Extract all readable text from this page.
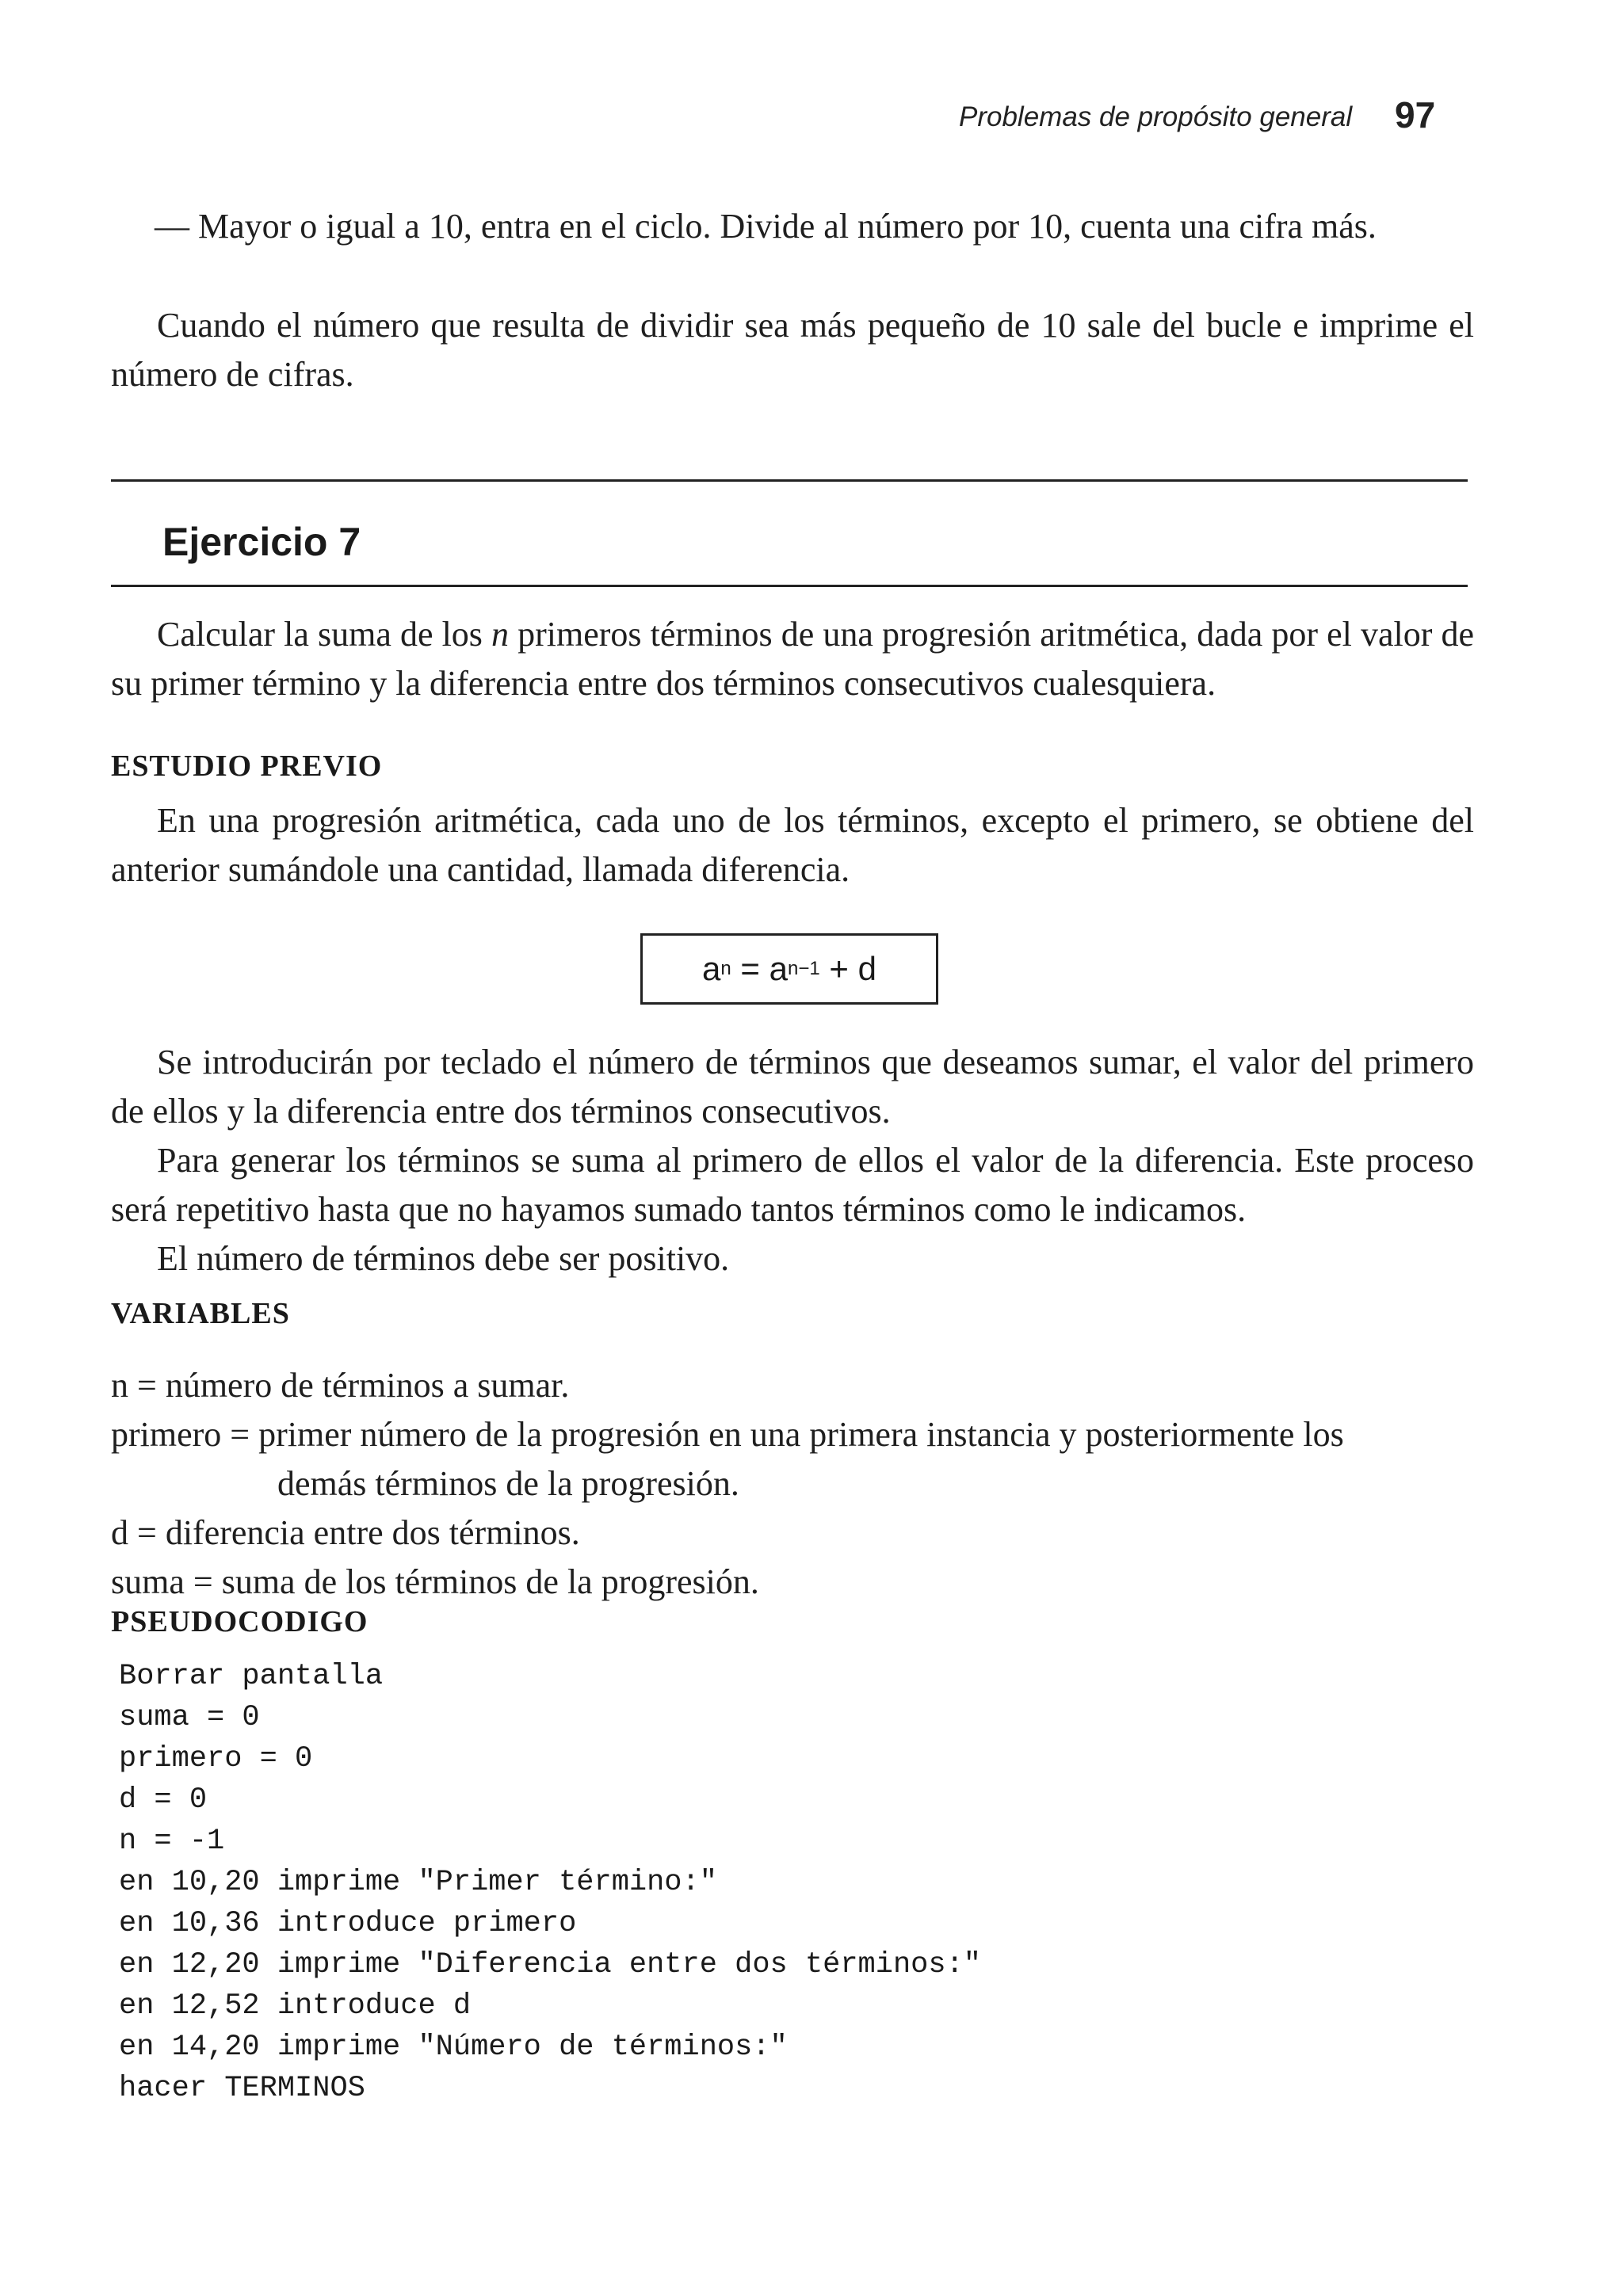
Problemas de propósito general 97

— Mayor o igual a 10, entra en el ciclo. Divide al número por 10, cuenta una cifra más.

Cuando el número que resulta de dividir sea más pequeño de 10 sale del bucle e imprime el número de cifras.

Ejercicio 7

Calcular la suma de los n primeros términos de una progresión aritmética, dada por el valor de su primer término y la diferencia entre dos términos consecutivos cualesquiera.

ESTUDIO PREVIO

En una progresión aritmética, cada uno de los términos, excepto el primero, se obtiene del anterior sumándole una cantidad, llamada diferencia.

a n = a n−1 + d

Se introducirán por teclado el número de términos que deseamos sumar, el valor del primero de ellos y la diferencia entre dos términos consecutivos.

Para generar los términos se suma al primero de ellos el valor de la diferencia. Este proceso será repetitivo hasta que no hayamos sumado tantos términos como le indicamos.

El número de términos debe ser positivo.

VARIABLES

n = número de términos a sumar.

primero = primer número de la progresión en una primera instancia y posteriormente los

demás términos de la progresión.

d = diferencia entre dos términos.

suma = suma de los términos de la progresión.

PSEUDOCODIGO
Borrar pantalla
suma = 0
primero = 0
d = 0
n = -1
en 10,20 imprime "Primer término:"
en 10,36 introduce primero
en 12,20 imprime "Diferencia entre dos términos:"
en 12,52 introduce d
en 14,20 imprime "Número de términos:"
hacer TERMINOS
